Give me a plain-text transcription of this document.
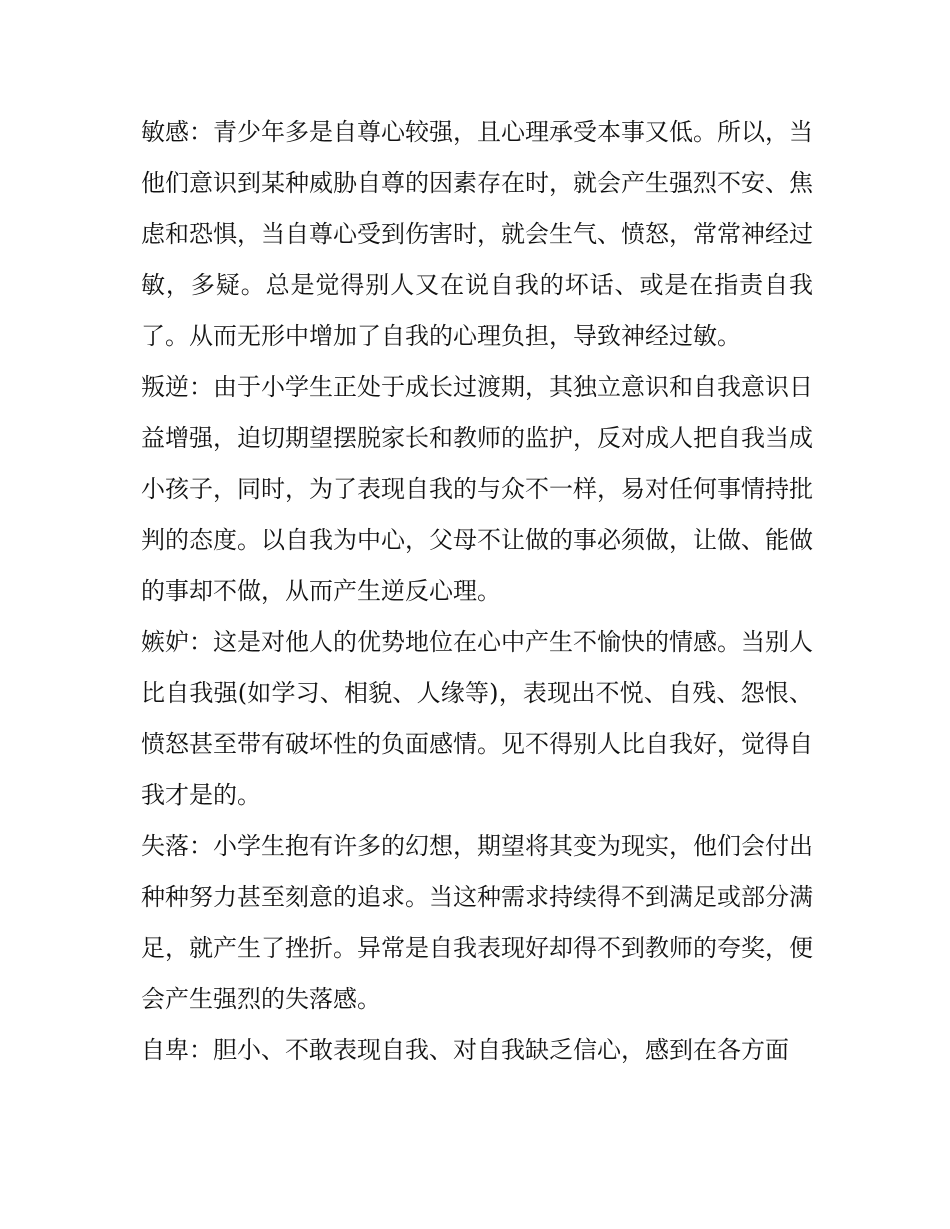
敏感：青少年多是自尊心较强，且心理承受本事又低。所以，当他们意识到某种威胁自尊的因素存在时，就会产生强烈不安、焦虑和恐惧，当自尊心受到伤害时，就会生气、愤怒，常常神经过敏，多疑。总是觉得别人又在说自我的坏话、或是在指责自我了。从而无形中增加了自我的心理负担，导致神经过敏。

叛逆：由于小学生正处于成长过渡期，其独立意识和自我意识日益增强，迫切期望摆脱家长和教师的监护，反对成人把自我当成小孩子，同时，为了表现自我的与众不一样，易对任何事情持批判的态度。以自我为中心，父母不让做的事必须做，让做、能做的事却不做，从而产生逆反心理。

嫉妒：这是对他人的优势地位在心中产生不愉快的情感。当别人比自我强(如学习、相貌、人缘等)，表现出不悦、自残、怨恨、愤怒甚至带有破坏性的负面感情。见不得别人比自我好，觉得自我才是的。

失落：小学生抱有许多的幻想，期望将其变为现实，他们会付出种种努力甚至刻意的追求。当这种需求持续得不到满足或部分满足，就产生了挫折。异常是自我表现好却得不到教师的夸奖，便会产生强烈的失落感。

自卑：胆小、不敢表现自我、对自我缺乏信心，感到在各方面
